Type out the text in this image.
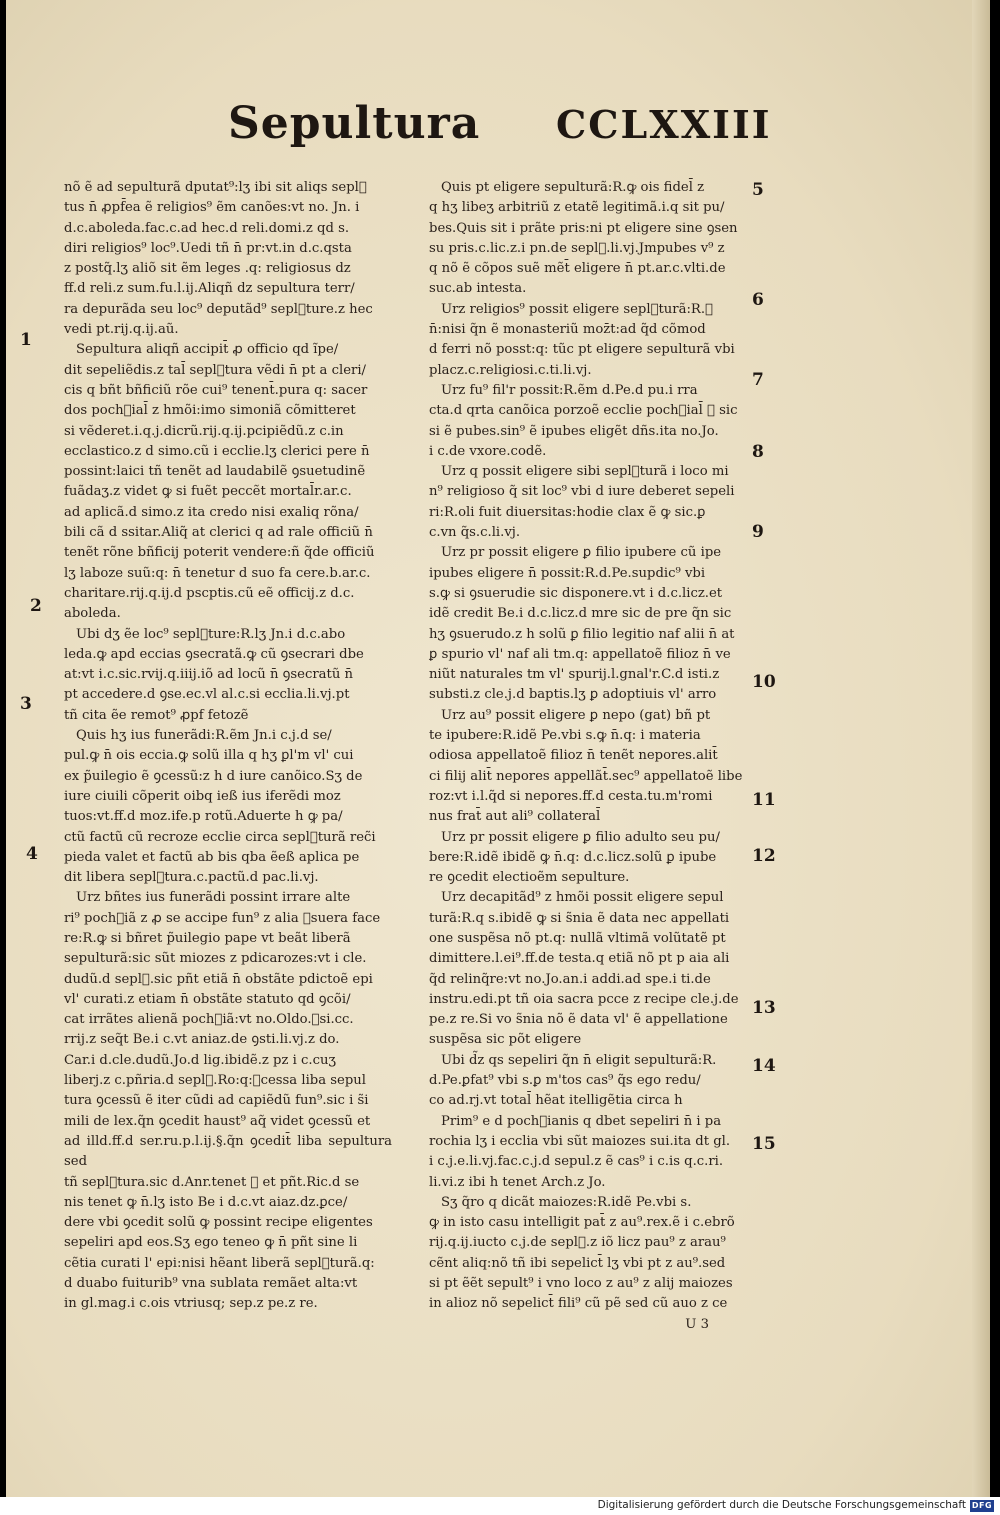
Sepultura CCLXXIII

nõ ẽ ad sepulturã dputat⁹:lʒ ibi sit aliqs sepl᷑

tus n̄ ꝓpf̄ea ẽ religios⁹ ẽm canões:vt no. Jn. i

d.c.aboleda.fac.c.ad hec.d reli.domi.z qd s.

diri religios⁹ loc⁹.Uedi tñ n̄ pr:vt.in d.c.qsta

z postq̃.lʒ aliõ sit ẽm leges .q: religiosus dz

ff.d reli.z sum.fu.l.ij.Aliqñ dz sepultura terr/

ra depurãda seu loc⁹ deputãd⁹ sepl᷑ture.z hec

vedi pt.rij.q.ij.aũ.

Sepultura aliqñ accipit̄ ꝓ officio qd ĩpe/

dit sepeliẽdis.z tal̄ sepl᷑tura vẽdi n̄ pt a cleri/

cis q bñt bñficiũ rõe cui⁹ tenent̄.pura q: sacer

dos poch᷑ial̄ z hmõi:imo simoniã cõmitteret

si vẽderet.i.q.j.dicrũ.rij.q.ij.pcipiẽdũ.z c.in

ecclastico.z d simo.cũ i ecclie.lʒ clerici pere n̄

possint:laici tñ tenẽt ad laudabilẽ ꝯsuetudinẽ

fuãdaʒ.z videt ꝙ si fuẽt peccẽt mortal̄r.ar.c.

ad aplicã.d simo.z ita credo nisi exaliq rõna/

bili cã d ssitar.Aliq̃ at clerici q ad rale officiũ n̄

tenẽt rõne bñficij poterit vendere:ñ q̃de officiũ

lʒ laboze suũ:q: n̄ tenetur d suo fa cere.b.ar.c.

charitare.rij.q.ij.d pscptis.cũ eẽ officij.z d.c.

aboleda.

Ubi dʒ ẽe loc⁹ sepl᷑ture:R.lʒ Jn.i d.c.abo

leda.ꝙ apd eccias ꝯsecratã.ꝙ cũ ꝯsecrari dbe

at:vt i.c.sic.rvij.q.iiij.iõ ad locũ n̄ ꝯsecratũ n̄

pt accedere.d ꝯse.ec.vl al.c.si ecclia.li.vj.pt

tñ cita ẽe remot⁹ ꝓpf fetozẽ

Quis hʒ ius funerãdi:R.ẽm Jn.i c.j.d se/

pul.ꝙ n̄ ois eccia.ꝙ solũ illa q hʒ ꝑl'm vl' cui

ex p̃uilegio ẽ ꝯcessũ:z h d iure canõico.Sʒ de

iure ciuili cõperit oibq ieß ius iferẽdi moz

tuos:vt.ff.d moz.ife.p rotũ.Aduerte h ꝙ pa/

ctũ factũ cũ recroze ecclie circa sepl᷑turã rec̃i

pieda valet et factũ ab bis qba ẽeß aplica pe

dit libera sepl᷑tura.c.pactũ.d pac.li.vj.

Urz bñtes ius funerãdi possint irrare alte

ri⁹ poch᷑iã z ꝓ se accipe fun⁹ z alia ꝯsuera face

re:R.ꝙ si bñret p̃uilegio pape vt beãt liberã

sepulturã:sic sũt miozes z pdicarozes:vt i cle.

dudũ.d sepl᷑.sic pñt etiã n̄ obstãte pdictoẽ epi

vl' curati.z etiam n̄ obstãte statuto qd ꝯcõi/

cat irrãtes alienã poch᷑iã:vt no.Oldo.ꝯsi.cc.

rrij.z seq̃t Be.i c.vt aniaz.de ꝯsti.li.vj.z do.

Car.i d.cle.dudũ.Jo.d lig.ibidẽ.z pz i c.cuʒ

liberj.z c.pñria.d sepl᷑.Ro:q:ꝯcessa liba sepul

tura ꝯcessũ ẽ iter cũdi ad capiẽdũ fun⁹.sic i s̃i

mili de lex.q̃n ꝯcedit haust⁹ aq̃ videt ꝯcessũ et

ad illd.ff.d ser.ru.p.l.ij.§.q̃n ꝯcedit̄ liba sepultura sed

tñ sepl᷑tura.sic d.Anr.tenet ꝙ et pñt.Ric.d se

nis tenet ꝙ n̄.lʒ isto Be i d.c.vt aiaz.dz.ꝑce/

dere vbi ꝯcedit solũ ꝙ possint recipe eligentes

sepeliri apd eos.Sʒ ego teneo ꝙ n̄ pñt sine li

cẽtia curati l' epi:nisi hẽant liberã sepl᷑turã.q:

d duabo fuiturib⁹ vna sublata remãet alta:vt

in gl.mag.i c.ois vtriusq; sep.z pe.z re.

Quis pt eligere sepulturã:R.ꝙ ois fidel̄ z

q hʒ libeʒ arbitriũ z etatẽ legitimã.i.q sit pu/

bes.Quis sit i prãte pris:ni pt eligere sine ꝯsen

su pris.c.lic.z.i pn.de sepl᷑.li.vj.Jmpubes v⁹ z

q nõ ẽ cõpos suẽ mẽt̄ eligere n̄ pt.ar.c.vlti.de

suc.ab intesta.

Urz religios⁹ possit eligere sepl᷑turã:R.ꝙ

n̄:nisi q̃n ẽ monasteriũ moz̄t:ad q̃d cõmod

d ferri nõ posst:q: tũc pt eligere sepulturã vbi

placz.c.religiosi.c.ti.li.vj.

Urz fu⁹ fil'r possit:R.ẽm d.Pe.d pu.i rra

cta.d qrta canõica porzoẽ ecclie poch᷑ial̄ ꝙ sic

si ẽ pubes.sin⁹ ẽ ipubes eligẽt dñs.ita no.Jo.

i c.de vxore.codẽ.

Urz q possit eligere sibi sepl᷑turã i loco mi

n⁹ religioso q̃ sit loc⁹ vbi d iure deberet sepeli

ri:R.oli fuit diuersitas:hodie clax ẽ ꝙ sic.ꝑ

c.vn q̃s.c.li.vj.

Urz pr possit eligere ꝑ filio ipubere cũ ipe

ipubes eligere n̄ possit:R.d.Pe.supdic⁹ vbi

s.ꝙ si ꝯsuerudie sic disponere.vt i d.c.licz.et

idẽ credit Be.i d.c.licz.d mre sic de pre q̃n sic

hʒ ꝯsuerudo.z h solũ ꝑ filio legitio naf alii n̄ at

ꝑ spurio vl' naf ali tm.q: appellatoẽ filioz n̄ ve

niũt naturales tm vl' spurij.l.gnal'r.C.d isti.z

substi.z cle.j.d baptis.lʒ ꝑ adoptiuis vl' arro

Urz au⁹ possit eligere ꝑ nepo (gat) bñ pt

te ipubere:R.idẽ Pe.vbi s.ꝙ n̄.q: i materia

odiosa appellatoẽ filioz n̄ tenẽt nepores.alit̄

ci filij alit̄ nepores appellãt̄.sec⁹ appellatoẽ libe

roz:vt i.l.q̃d si nepores.ff.d cesta.tu.m'romi

nus frat̄ aut ali⁹ collateral̄

Urz pr possit eligere ꝑ filio adulto seu pu/

bere:R.idẽ ibidẽ ꝙ n̄.q: d.c.licz.solũ ꝑ ipube

re ꝯcedit electioẽm sepulture.

Urz decapitãd⁹ z hmõi possit eligere sepul

turã:R.q s.ibidẽ ꝙ si s̃nia ẽ data nec appellati

one suspẽsa nõ pt.q: nullã vltimã volũtatẽ pt

dimittere.l.ei⁹.ff.de testa.q etiã nõ pt p aia ali

q̃d relinq̃re:vt no.Jo.an.i addi.ad spe.i ti.de

instru.edi.pt tñ oia sacra pcce z recipe cle.j.de

pe.z re.Si vo s̃nia nõ ẽ data vl' ẽ appellatione

suspẽsa sic põt eligere

Ubi d̃z qs sepeliri q̃n n̄ eligit sepulturã:R.

d.Pe.ꝑfat⁹ vbi s.ꝑ m'tos cas⁹ q̃s ego redu/

co ad.rj.vt total̄ hẽat itelligẽtia circa h

Prim⁹ e d poch᷑ianis q dbet sepeliri n̄ i pa

rochia lʒ i ecclia vbi sũt maiozes sui.ita dt gl.

i c.j.e.li.vj.fac.c.j.d sepul.z ẽ cas⁹ i c.is q.c.ri.

li.vi.z ibi h tenet Arch.z Jo.

Sʒ q̃ro q dicãt maiozes:R.idẽ Pe.vbi s.

ꝙ in isto casu intelligit pat̄ z au⁹.rex.ẽ i c.ebrõ

rij.q.ij.iucto c.j.de sepl᷑.z iõ licz pau⁹ z arau⁹

cẽnt aliq:nõ tñ ibi sepelict̄ lʒ vbi pt z au⁹.sed

si pt ẽẽt sepult⁹ i vno loco z au⁹ z alij maiozes

in alioz nõ sepelict̄ fili⁹ cũ pẽ sed cũ auo z ce

U 3

1
2
3
4
5
6
7
8
9
10
11
12
13
14
15
Digitalisierung gefördert durch die Deutsche Forschungsgemeinschaft DFG
